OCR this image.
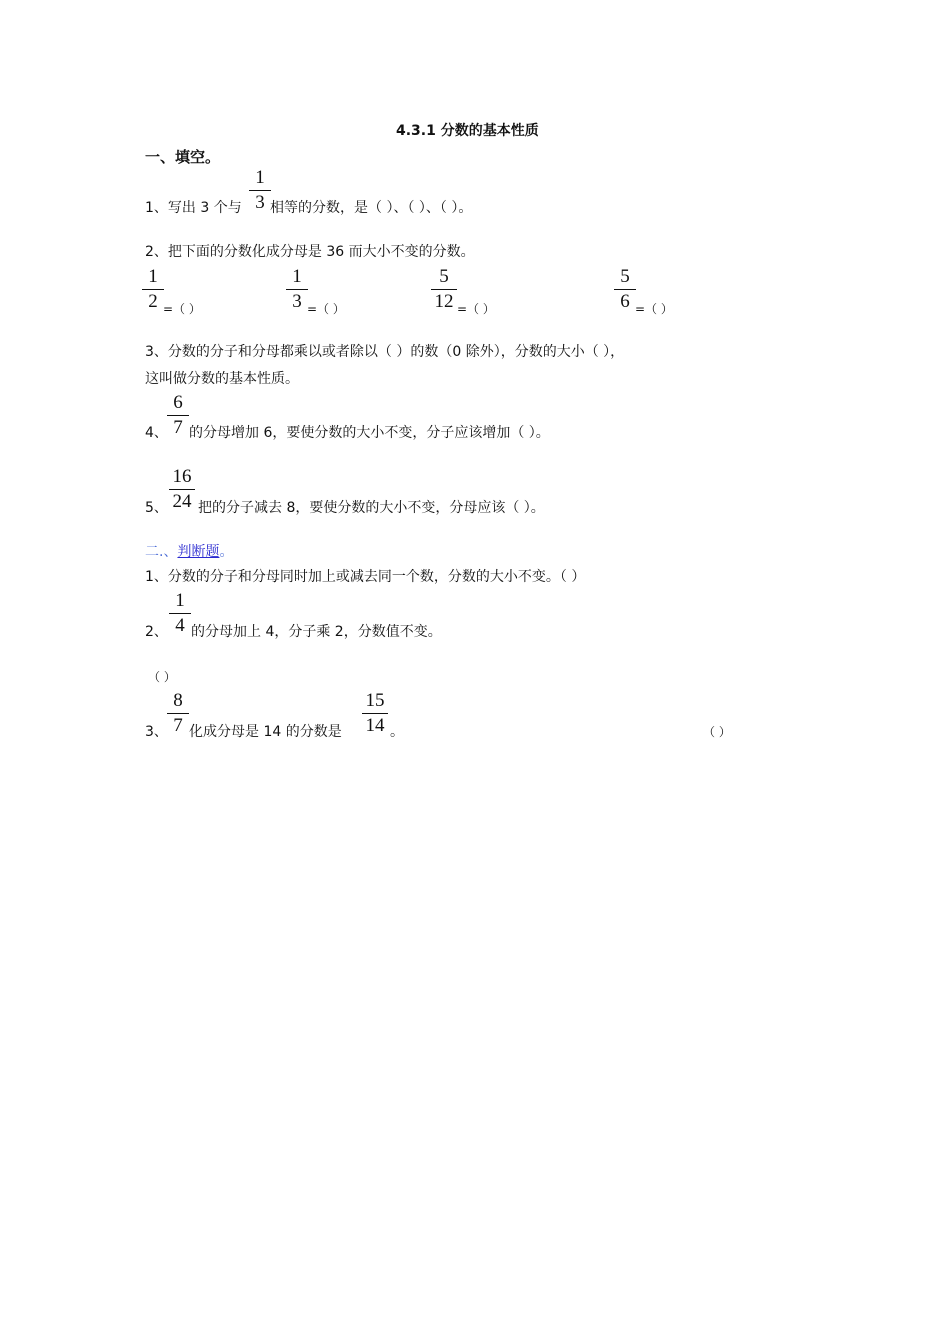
4.3.1 分数的基本性质
一、填空。
1、写出 3 个与
1
3 相等的分数，是（ ）、（ ）、（ ）。
2、把下面的分数化成分母是 36 而大小不变的分数。
1
2 =（ ）
1
3 =（ ）
5
12 =（ ）
5
6 =（ ）
3、分数的分子和分母都乘以或者除以（ ）的数（0 除外），分数的大小（ ），
这叫做分数的基本性质。
4、
6
7 的分母增加 6，要使分数的大小不变，分子应该增加（ ）。
5、
16
24 把的分子减去 8，要使分数的大小不变，分母应该（ ）。
二.、判断题。
1、分数的分子和分母同时加上或减去同一个数，分数的大小不变。（ ）
2、
1
4 的分母加上 4，分子乘 2，分数值不变。
（ ）
3、
8
7 化成分母是 14 的分数是
15
14 。	（ ）
